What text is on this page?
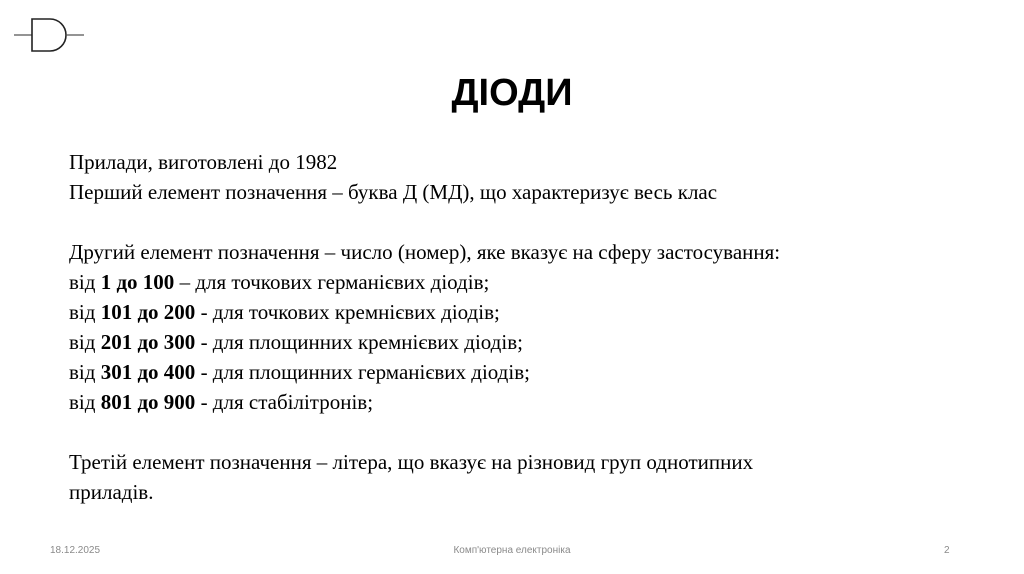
ДІОДИ
Прилади, виготовлені до 1982
Перший елемент позначення – буква Д (МД), що характеризує весь клас
Другий елемент позначення – число (номер), яке вказує на сферу застосування:
від 1 до 100 – для точкових германієвих діодів;
від 101 до 200 - для точкових кремнієвих діодів;
від 201 до 300 - для площинних кремнієвих діодів;
від 301 до 400 - для площинних германієвих діодів;
від 801 до 900 - для стабілітронів;
Третій елемент позначення – літера, що вказує на різновид груп однотипних
приладів.
18.12.2025	Комп'ютерна електроніка	2
